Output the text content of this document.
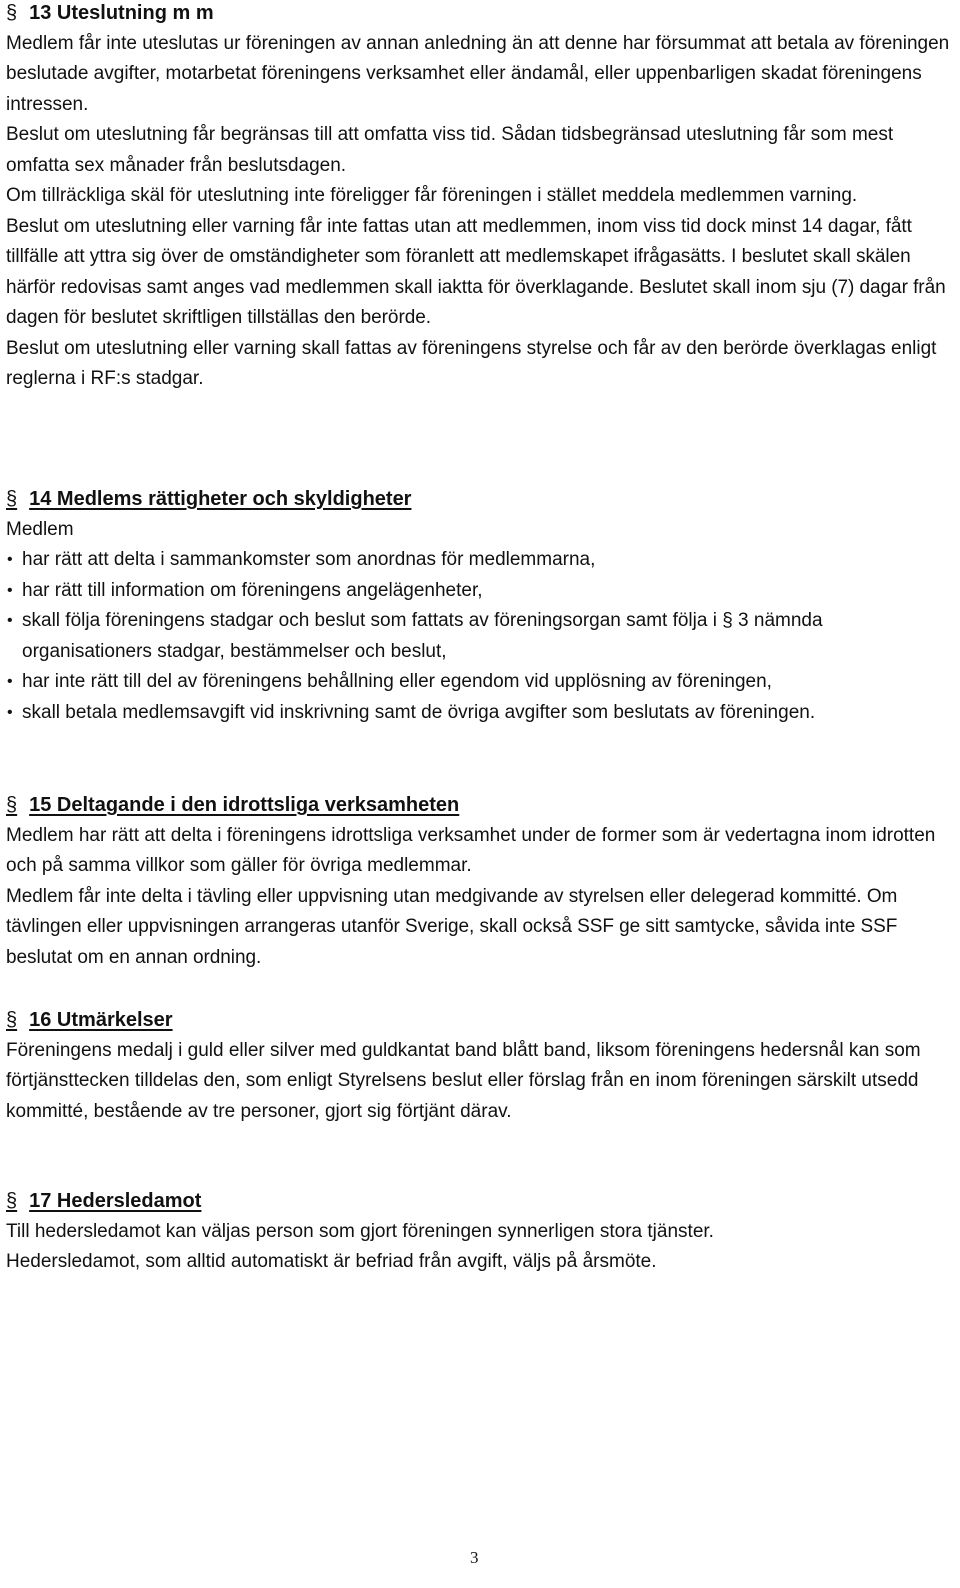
§ 13 Uteslutning m m

Medlem får inte uteslutas ur föreningen av annan anledning än att denne har försummat att betala av föreningen beslutade avgifter, motarbetat föreningens verksamhet eller ändamål, eller uppenbarligen skadat föreningens intressen.

Beslut om uteslutning får begränsas till att omfatta viss tid. Sådan tidsbegränsad uteslutning får som mest omfatta sex månader från beslutsdagen.

Om tillräckliga skäl för uteslutning inte föreligger får föreningen i stället meddela medlemmen varning.

Beslut om uteslutning eller varning får inte fattas utan att medlemmen, inom viss tid dock minst 14 dagar, fått tillfälle att yttra sig över de omständigheter som föranlett att medlemskapet ifrågasätts. I beslutet skall skälen härför redovisas samt anges vad medlemmen skall iaktta för överklagande. Beslutet skall inom sju (7) dagar från dagen för beslutet skriftligen tillställas den berörde.

Beslut om uteslutning eller varning skall fattas av föreningens styrelse och får av den berörde överklagas enligt reglerna i RF:s stadgar.

§ 14 Medlems rättigheter och skyldigheter

Medlem

• har rätt att delta i sammankomster som anordnas för medlemmarna,
• har rätt till information om föreningens angelägenheter,
• skall följa föreningens stadgar och beslut som fattats av föreningsorgan samt följa i § 3 nämnda organisationers stadgar, bestämmelser och beslut,
• har inte rätt till del av föreningens behållning eller egendom vid upplösning av föreningen,
• skall betala medlemsavgift vid inskrivning samt de övriga avgifter som beslutats av föreningen.
§ 15 Deltagande i den idrottsliga verksamheten

Medlem har rätt att delta i föreningens idrottsliga verksamhet under de former som är vedertagna inom idrotten och på samma villkor som gäller för övriga medlemmar.

Medlem får inte delta i tävling eller uppvisning utan medgivande av styrelsen eller delegerad kommitté. Om tävlingen eller uppvisningen arrangeras utanför Sverige, skall också SSF ge sitt samtycke, såvida inte SSF beslutat om en annan ordning.

§ 16 Utmärkelser

Föreningens medalj i guld eller silver med guldkantat band blått band, liksom föreningens hedersnål kan som förtjänsttecken tilldelas den, som enligt Styrelsens beslut eller förslag från en inom föreningen särskilt utsedd kommitté, bestående av tre personer, gjort sig förtjänt därav.

§ 17 Hedersledamot

Till hedersledamot kan väljas person som gjort föreningen synnerligen stora tjänster.

Hedersledamot, som alltid automatiskt är befriad från avgift, väljs på årsmöte.

3
